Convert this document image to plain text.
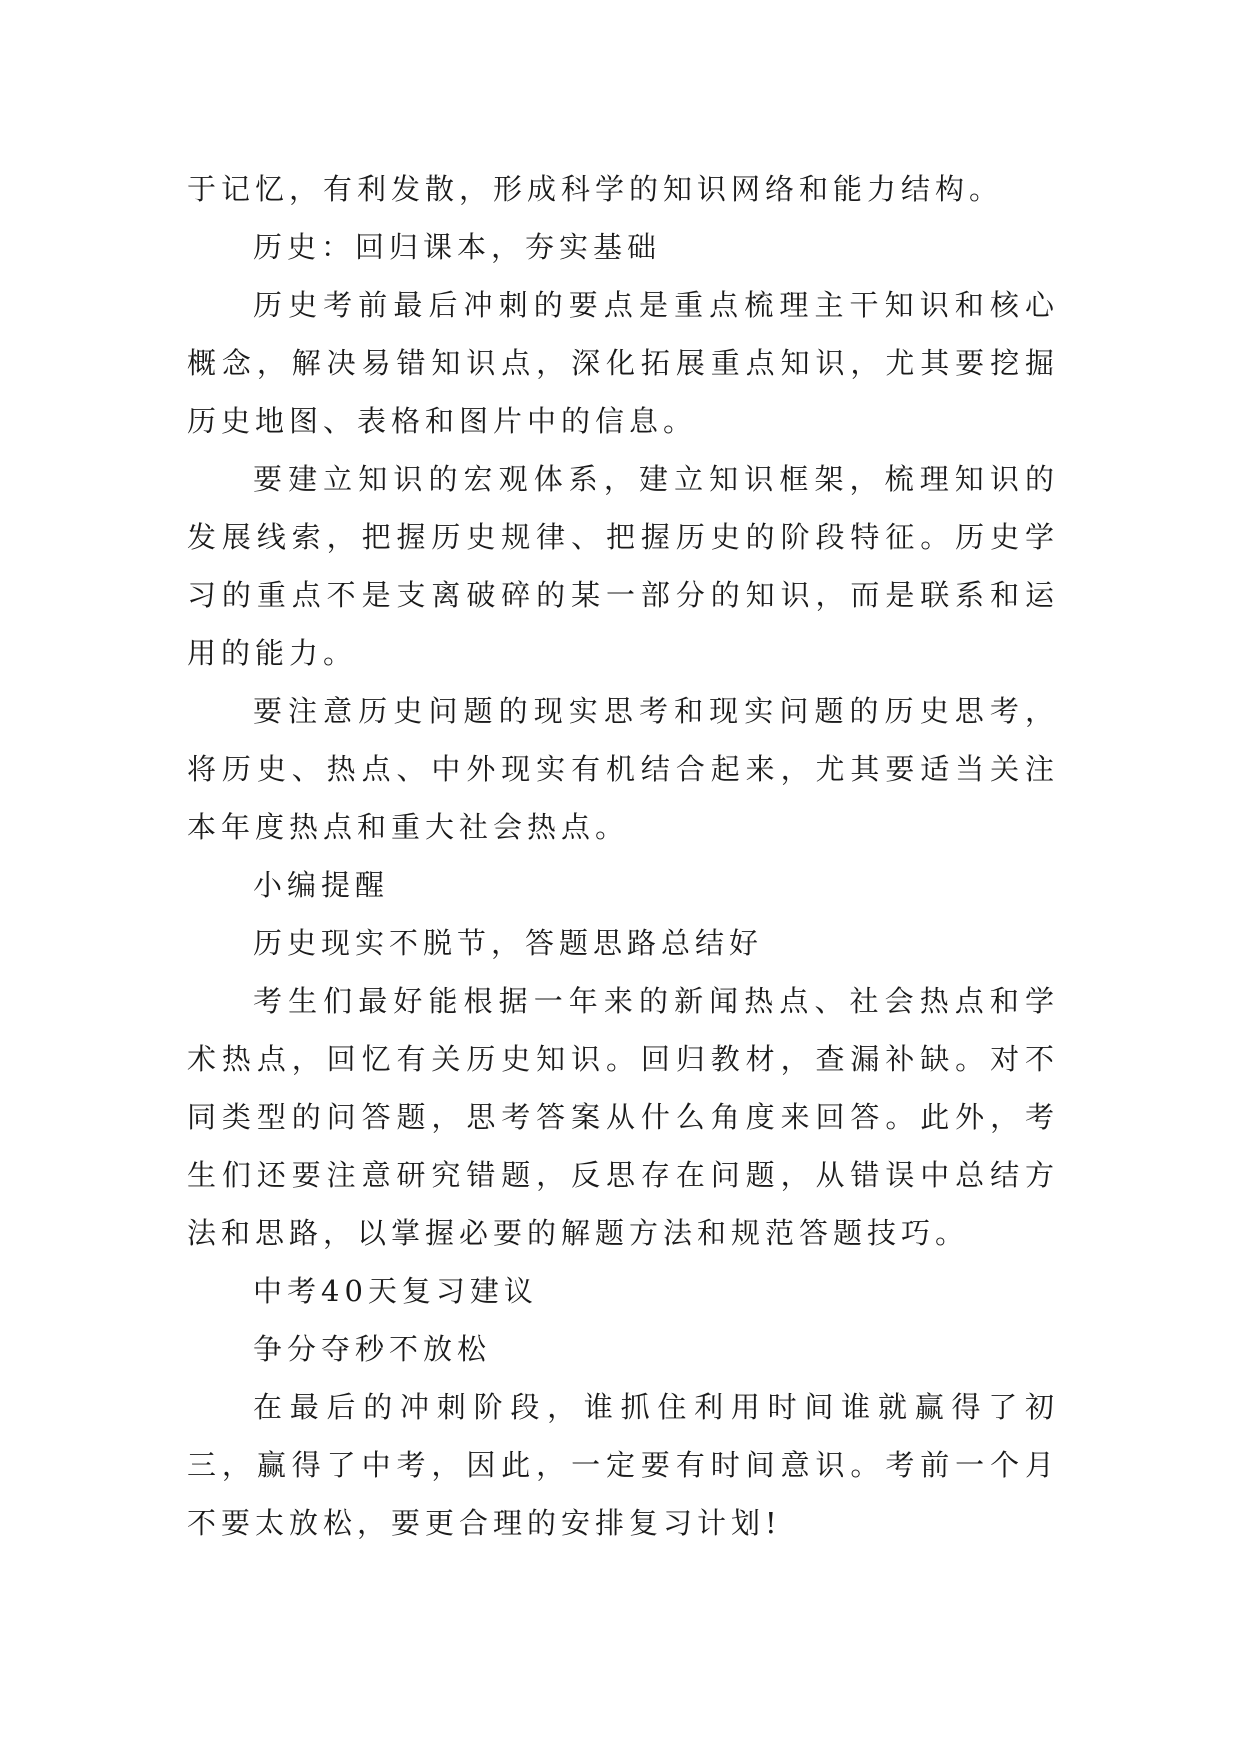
于记忆，有利发散，形成科学的知识网络和能力结构。

历史：回归课本，夯实基础

历史考前最后冲刺的要点是重点梳理主干知识和核心概念，解决易错知识点，深化拓展重点知识，尤其要挖掘历史地图、表格和图片中的信息。

要建立知识的宏观体系，建立知识框架，梳理知识的发展线索，把握历史规律、把握历史的阶段特征。历史学习的重点不是支离破碎的某一部分的知识，而是联系和运用的能力。

要注意历史问题的现实思考和现实问题的历史思考，将历史、热点、中外现实有机结合起来，尤其要适当关注本年度热点和重大社会热点。

小编提醒

历史现实不脱节，答题思路总结好

考生们最好能根据一年来的新闻热点、社会热点和学术热点，回忆有关历史知识。回归教材，查漏补缺。对不同类型的问答题，思考答案从什么角度来回答。此外，考生们还要注意研究错题，反思存在问题，从错误中总结方法和思路，以掌握必要的解题方法和规范答题技巧。

中考40天复习建议

争分夺秒不放松

在最后的冲刺阶段，谁抓住利用时间谁就赢得了初三，赢得了中考，因此，一定要有时间意识。考前一个月不要太放松，要更合理的安排复习计划!
